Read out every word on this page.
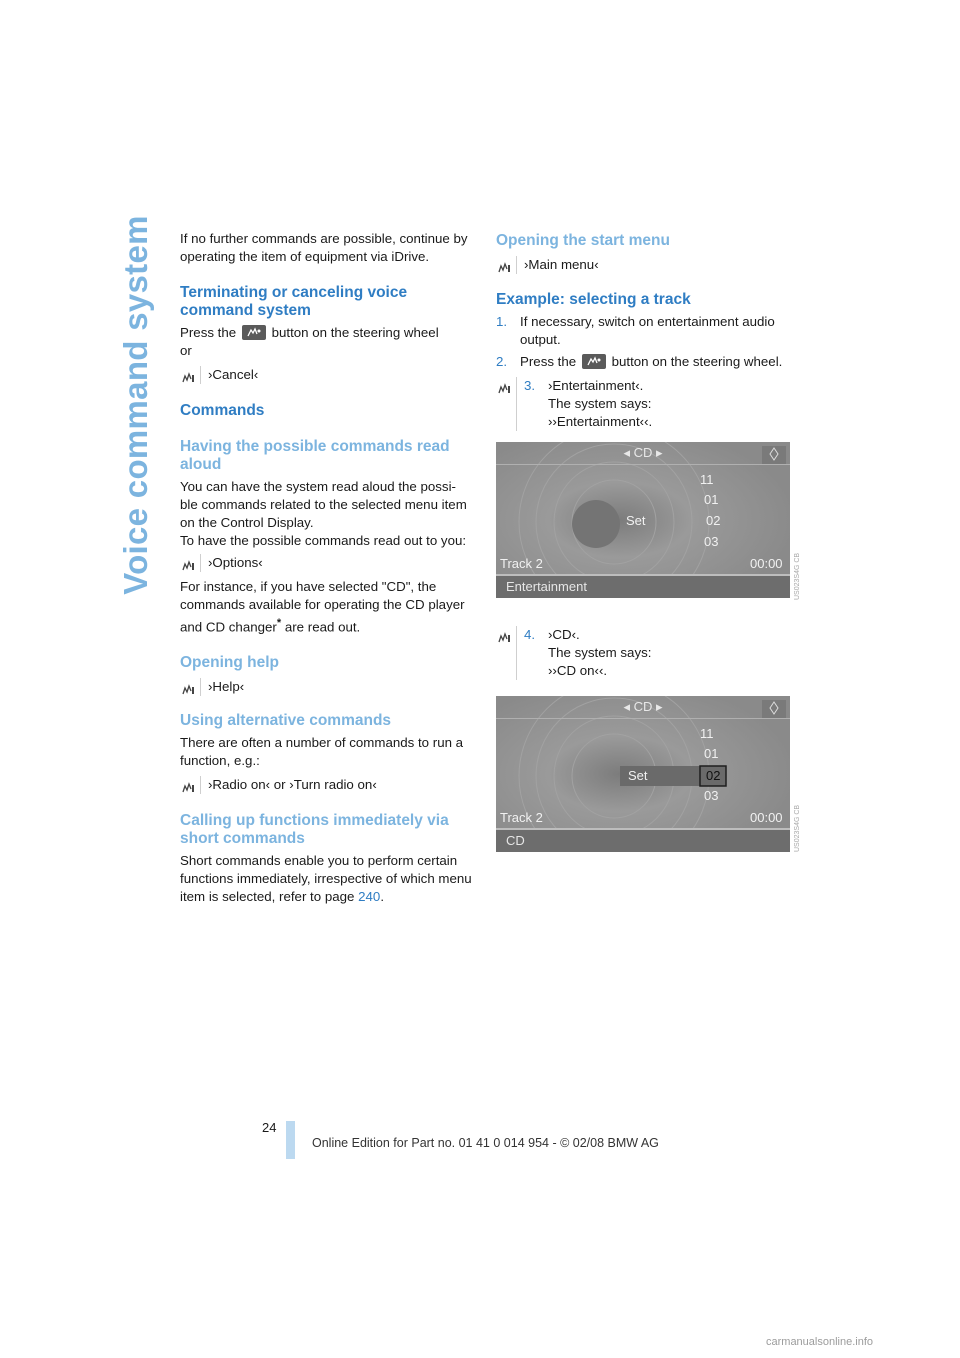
Voice command system If no further commands are possible, continue by operating the item of equipment via iDrive.

Terminating or canceling voice command system

Press the	button on the steering wheel

or

›Cancel‹
Commands
Having the possible commands read aloud

You can have the system read aloud the possi-ble commands related to the selected menu item on the Control Display.

To have the possible commands read out to you:

›Options‹

For instance, if you have selected "CD", the commands available for operating the CD player and CD changer* are read out.

Opening help
›Help‹
Using alternative commands

There are often a number of commands to run a function, e.g.:

›Radio on‹ or ›Turn radio on‹
Calling up functions immediately via short commands

Short commands enable you to perform certain functions immediately, irrespective of which menu item is selected, refer to page 240.

Opening the start menu
›Main menu‹
Example: selecting a track
1. If necessary, switch on entertainment audio output.
2. Press the	button on the steering wheel.
3. ›Entertainment‹.
The system says:
››Entertainment‹‹.
◂ CD ▸
11
01
02
03
Set
Track 2	00:00
Entertainment
4. ›CD‹.
The system says:
››CD on‹‹.
◂ CD ▸
11
01
02
03
Set
Track 2	00:00
CD
US023S4G CB
US023S4G CB
24
Online Edition for Part no. 01 41 0 014 954 - © 02/08 BMW AG
carmanualsonline.info
